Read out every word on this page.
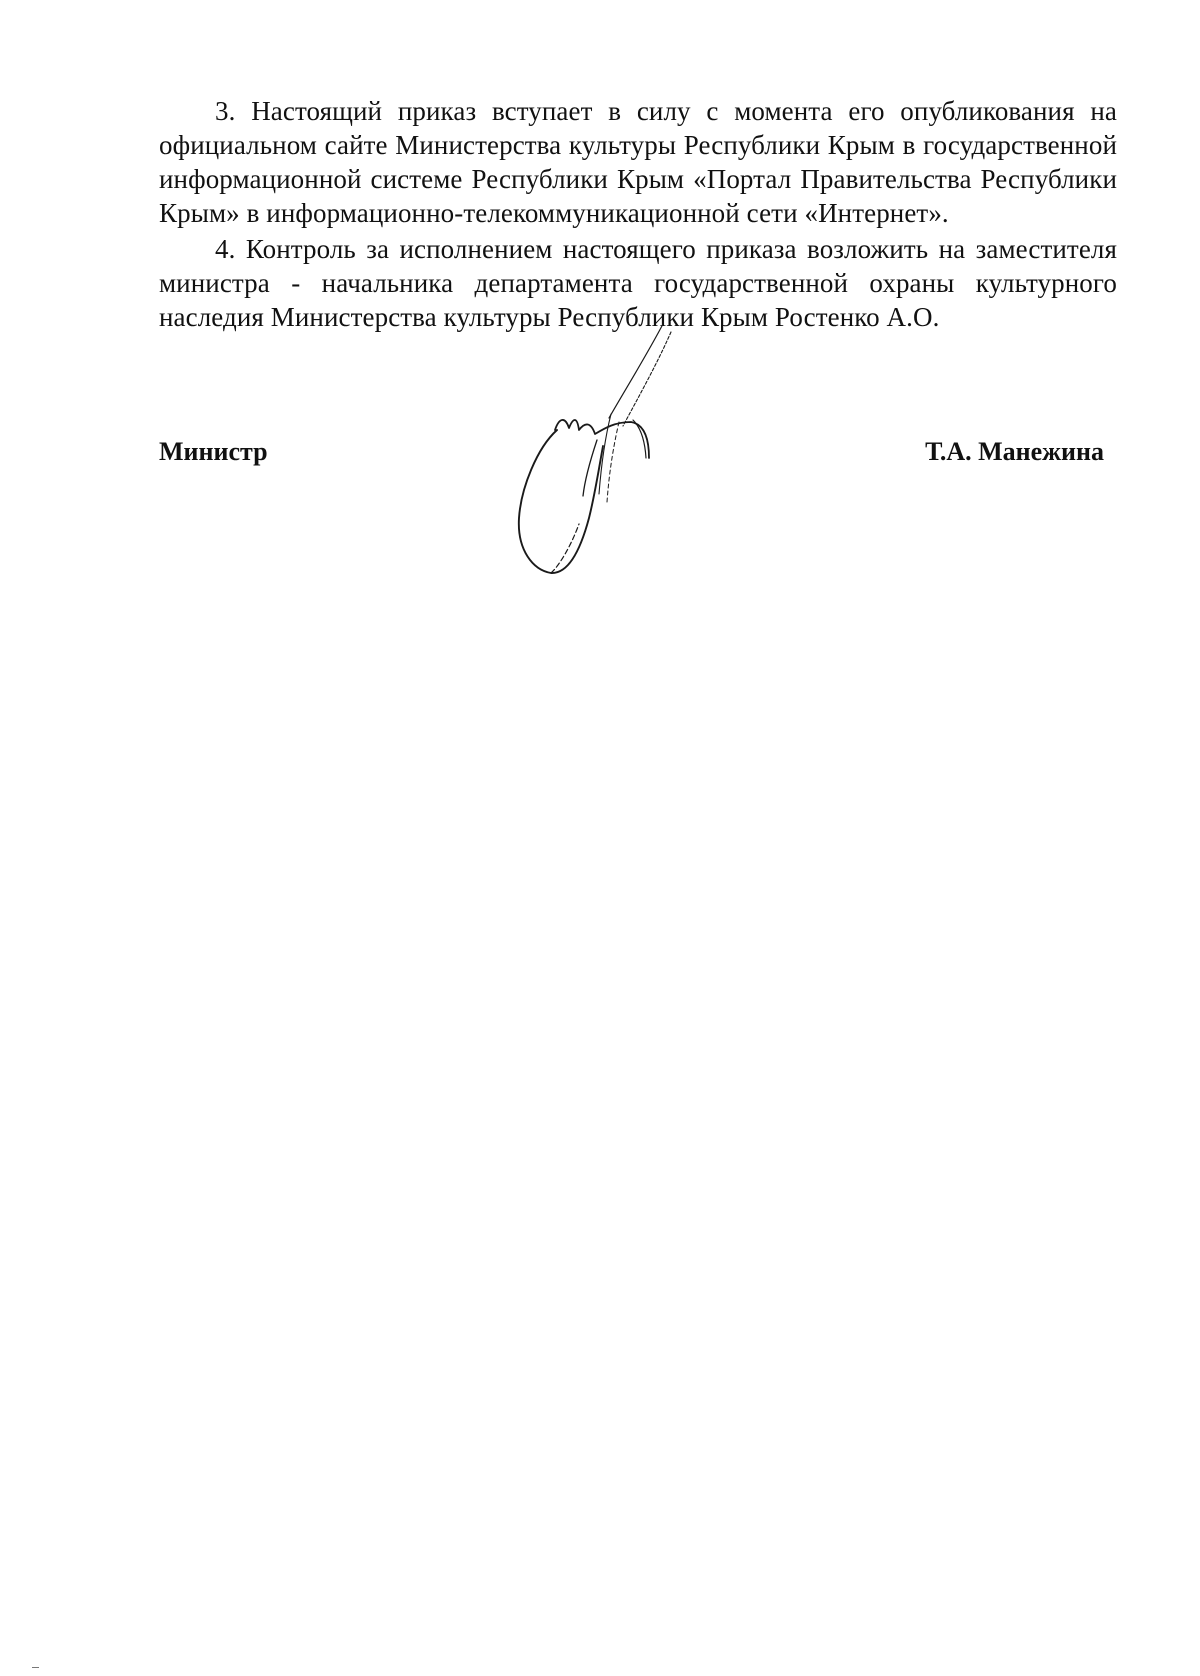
3. Настоящий приказ вступает в силу с момента его опубликования на официальном сайте Министерства культуры Республики Крым в государственной информационной системе Республики Крым «Портал Правительства Республики Крым» в информационно-телекоммуникационной сети «Интернет».

4. Контроль за исполнением настоящего приказа возложить на заместителя министра - начальника департамента государственной охраны культурного наследия Министерства культуры Республики Крым Ростенко А.О.

Министр	Т.А. Манежина
